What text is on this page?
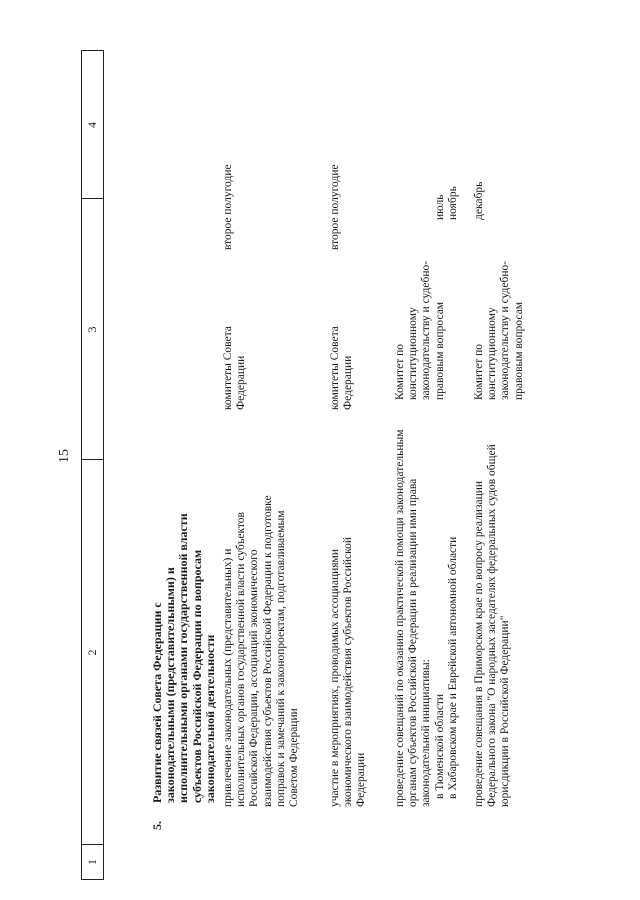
15
1
2
3
4
5.
Развитие связей Совета Федерации с законодательными (представительными) и исполнительными органами государственной власти субъектов Российской Федерации по вопросам законодательной деятельности привлечение законодательных (представительных) и исполнительных органов государственной власти субъектов Российской Федерации, ассоциаций экономического взаимодействия субъектов Российской Федерации к подготовке поправок и замечаний к законопроектам, подготавливаемым Советом Федерации
комитеты Совета Федерации
второе полугодие
участие в мероприятиях, проводимых ассоциациями экономического взаимодействия субъектов Российской Федерации
комитеты Совета Федерации
второе полугодие
проведение совещаний по оказанию практической помощи законодательным органам субъектов Российской Федерации в реализации ими права законодательной инициативы: в Тюменской области в Хабаровском крае и Еврейской автономной области
Комитет по конституционному законодательству и судебно-правовым вопросам
июль ноябрь
проведение совещания в Приморском крае по вопросу реализации Федерального закона "О народных заседателях федеральных судов общей юрисдикции в Российской Федерации"
Комитет по конституционному законодательству и судебно-правовым вопросам
декабрь
